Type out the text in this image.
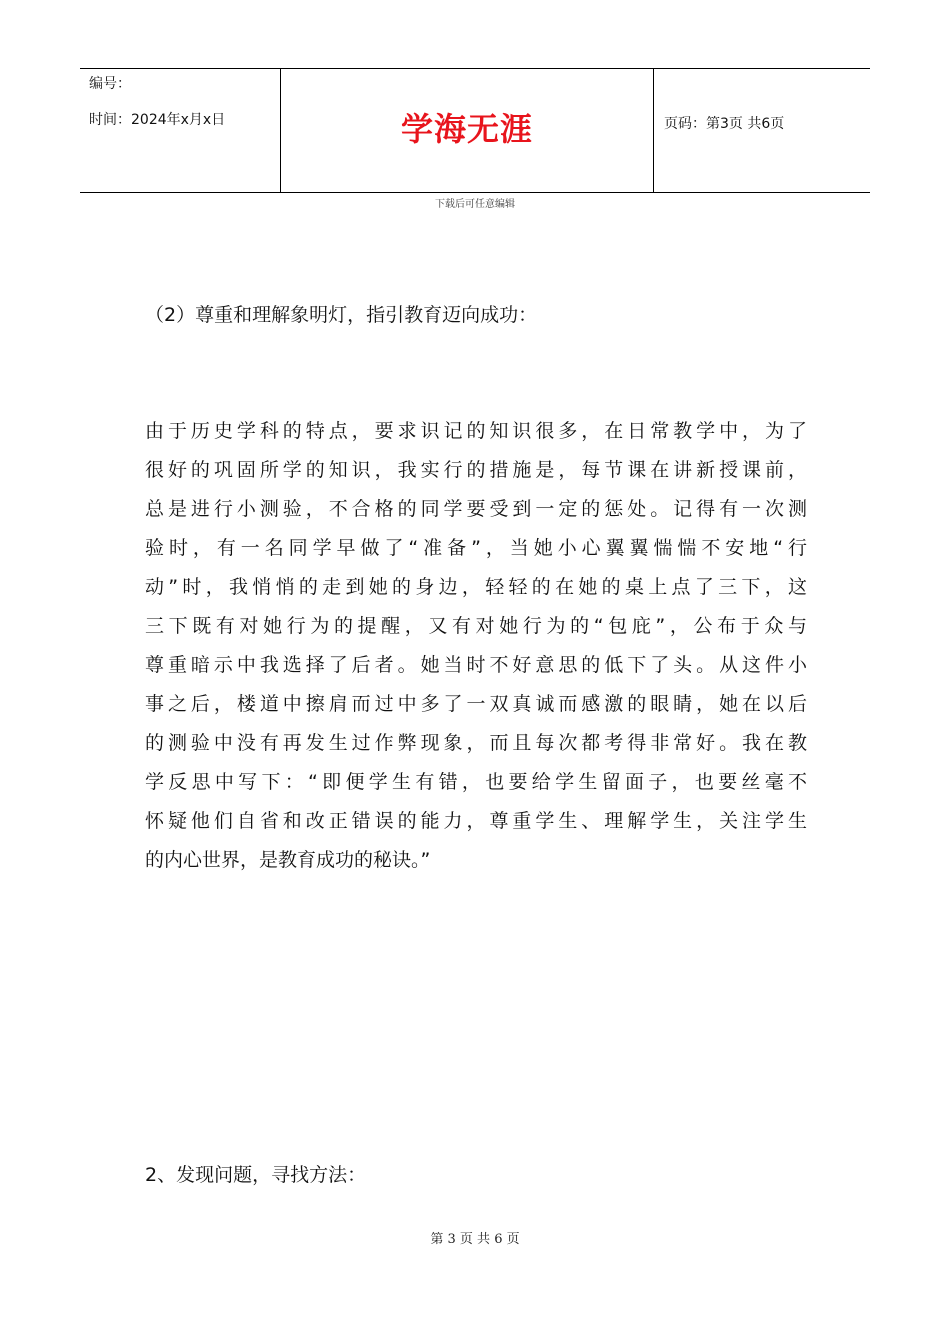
编号：
时间：2024年x月x日	学海无涯	页码：第3页 共6页
下载后可任意编辑
（2）尊重和理解象明灯，指引教育迈向成功：
由于历史学科的特点，要求识记的知识很多，在日常教学中，为了
很好的巩固所学的知识，我实行的措施是，每节课在讲新授课前，
总是进行小测验，不合格的同学要受到一定的惩处。记得有一次测
验时，有一名同学早做了“准备”，当她小心翼翼惴惴不安地“行
动”时，我悄悄的走到她的身边，轻轻的在她的桌上点了三下，这
三下既有对她行为的提醒，又有对她行为的“包庇”，公布于众与
尊重暗示中我选择了后者。她当时不好意思的低下了头。从这件小
事之后，楼道中擦肩而过中多了一双真诚而感激的眼睛，她在以后
的测验中没有再发生过作弊现象，而且每次都考得非常好。我在教
学反思中写下：“即便学生有错，也要给学生留面子，也要丝毫不
怀疑他们自省和改正错误的能力，尊重学生、理解学生，关注学生
的内心世界，是教育成功的秘诀。”
2、发现问题，寻找方法：
第 3 页 共 6 页
